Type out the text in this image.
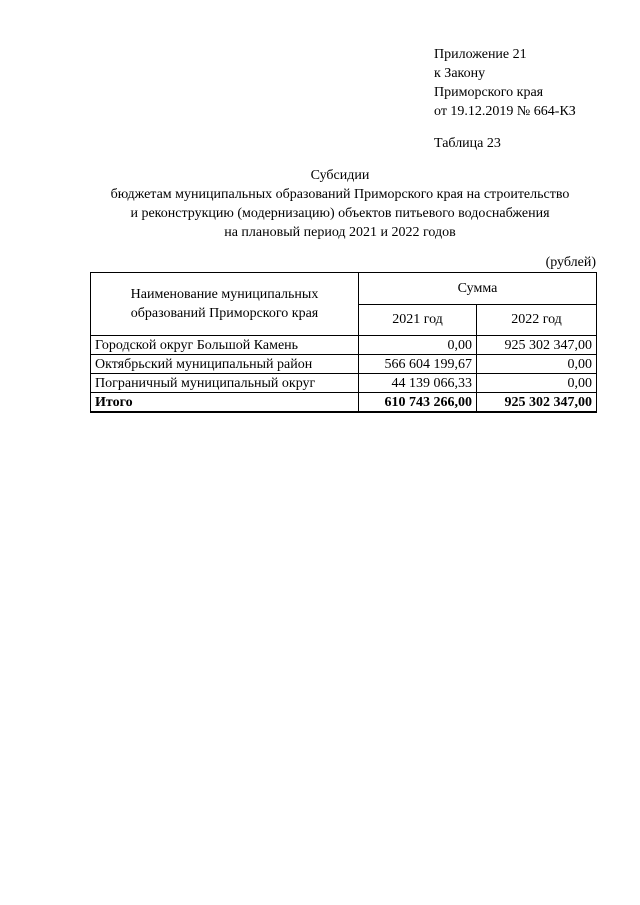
Приложение 21
к Закону
Приморского края
от 19.12.2019 № 664-КЗ
Таблица 23
Субсидии
бюджетам муниципальных образований Приморского края на строительство
и реконструкцию (модернизацию) объектов питьевого водоснабжения
на плановый период 2021 и 2022 годов
(рублей)
Наименование муниципальных образований Приморского края	Сумма	
	2021 год	2022 год
Городской округ Большой Камень	0,00	925 302 347,00
Октябрьский муниципальный район	566 604 199,67	0,00
Пограничный муниципальный округ	44 139 066,33	0,00
Итого	610 743 266,00	925 302 347,00
